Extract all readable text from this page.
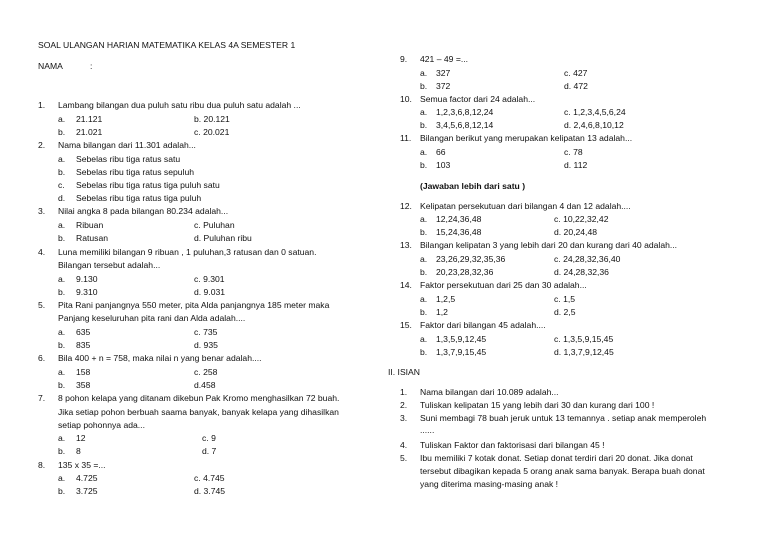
SOAL ULANGAN HARIAN MATEMATIKA KELAS 4A SEMESTER 1
NAMA	:
1. Lambang bilangan dua puluh satu ribu dua puluh satu adalah ...
a. 21.121
b. 21.021
b. 20.121
c. 20.021
2. Nama bilangan dari 11.301 adalah...
a. Sebelas ribu tiga ratus satu
b. Sebelas ribu tiga ratus sepuluh
c. Sebelas ribu tiga ratus tiga puluh satu
d. Sebelas ribu tiga ratus tiga puluh
3. Nilai angka 8 pada bilangan 80.234 adalah...
a. Ribuan
b. Ratusan
c. Puluhan
d. Puluhan ribu
4. Luna memiliki bilangan 9 ribuan , 1 puluhan,3 ratusan dan 0 satuan.
Bilangan tersebut adalah...
a. 9.130
b. 9.310
c. 9.301
d. 9.031
5. Pita Rani panjangnya 550 meter, pita Alda panjangnya 185 meter maka
Panjang keseluruhan pita rani dan Alda adalah....
a. 635
b. 835
c. 735
d. 935
6. Bila 400 + n = 758, maka nilai n yang benar adalah....
a. 158
b. 358
c. 258
d.458
7. 8 pohon kelapa yang ditanam dikebun Pak Kromo menghasilkan 72 buah.
Jika setiap pohon berbuah saama banyak, banyak kelapa yang dihasilkan
setiap pohonnya ada...
a. 12
b. 8
c. 9
d. 7
8. 135 x 35 =...
a. 4.725
b. 3.725
c. 4.745
d. 3.745
9. 421 – 49 =...
a. 327
b. 372
c. 427
d. 472
10. Semua factor dari 24 adalah...
a. 1,2,3,6,8,12,24
b. 3,4,5,6,8,12,14
c. 1,2,3,4,5,6,24
d. 2,4,6,8,10,12
11. Bilangan berikut yang merupakan kelipatan 13 adalah...
a. 66
b. 103
c. 78
d. 112
(Jawaban lebih dari satu )
12. Kelipatan persekutuan dari bilangan 4 dan 12 adalah....
a. 12,24,36,48
b. 15,24,36,48
c. 10,22,32,42
d. 20,24,48
13. Bilangan kelipatan 3 yang lebih dari 20 dan kurang dari 40 adalah...
a. 23,26,29,32,35,36
b. 20,23,28,32,36
c. 24,28,32,36,40
d. 24,28,32,36
14. Faktor persekutuan dari 25 dan 30 adalah...
a. 1,2,5
b. 1,2
c. 1,5
d. 2,5
15. Faktor dari bilangan 45 adalah....
a. 1,3,5,9,12,45
b. 1,3,7,9,15,45
c. 1,3,5,9,15,45
d. 1,3,7,9,12,45
II. ISIAN
1. Nama bilangan dari 10.089 adalah...
2. Tuliskan kelipatan 15 yang lebih dari 30 dan kurang dari 100 !
3. Suni membagi 78 buah jeruk untuk 13 temannya . setiap anak memperoleh
......
4. Tuliskan Faktor dan faktorisasi dari bilangan 45 !
5. Ibu memiliki 7 kotak donat. Setiap donat terdiri dari 20 donat. Jika donat
tersebut dibagikan kepada 5 orang anak sama banyak. Berapa buah donat
yang diterima masing-masing anak !
